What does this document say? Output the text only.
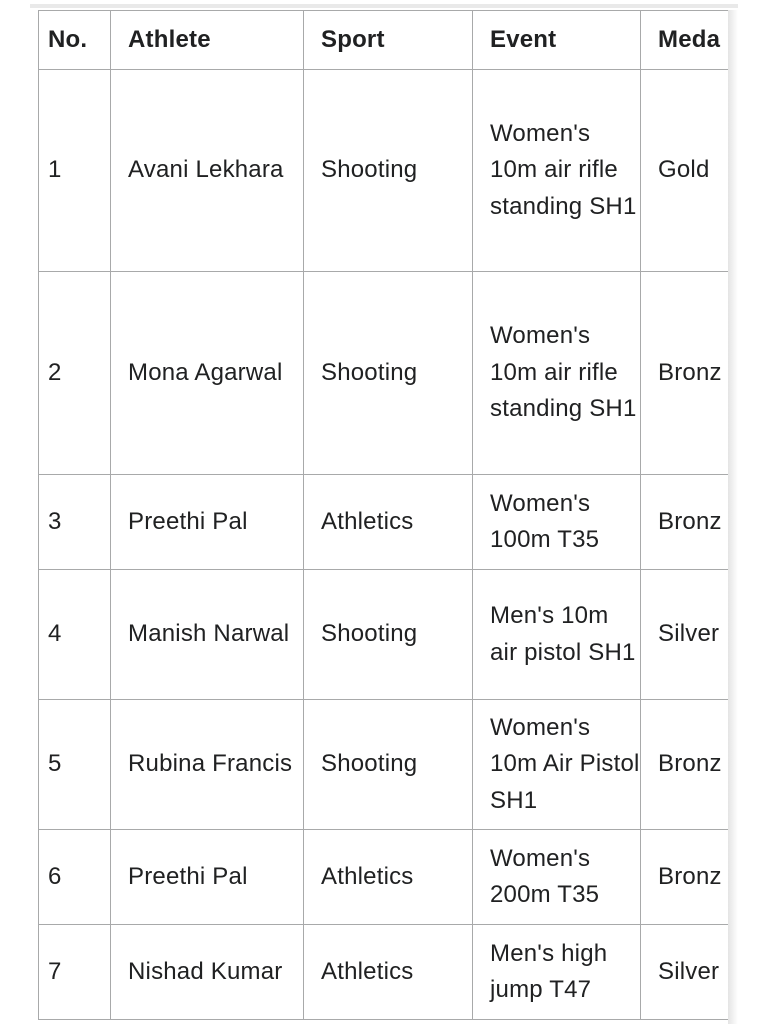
No.	Athlete	Sport	Event	Meda
1	Avani Lekhara	Shooting	Women's 10m air rifle standing SH1	Gold
2	Mona Agarwal	Shooting	Women's 10m air rifle standing SH1	Bronz
3	Preethi Pal	Athletics	Women's 100m T35	Bronz
4	Manish Narwal	Shooting	Men's 10m air pistol SH1	Silver
5	Rubina Francis	Shooting	Women's 10m Air Pistol SH1	Bronz
6	Preethi Pal	Athletics	Women's 200m T35	Bronz
7	Nishad Kumar	Athletics	Men's high jump T47	Silver
